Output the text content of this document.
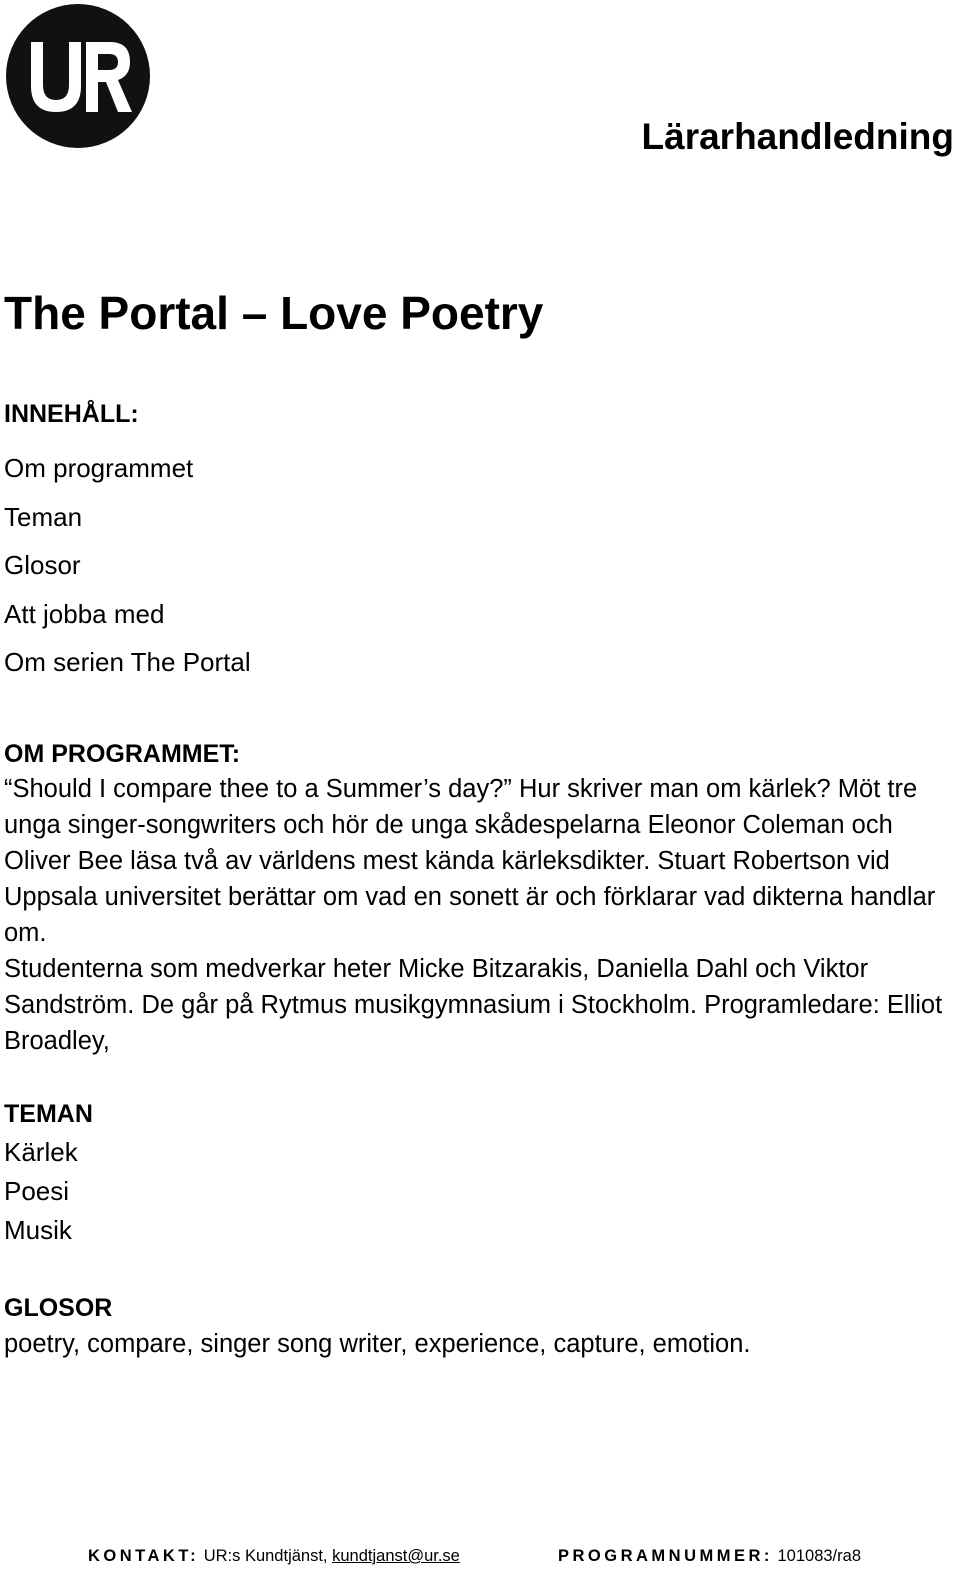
Lärarhandledning
The Portal – Love Poetry
INNEHÅLL:
Om programmet
Teman
Glosor
Att jobba med
Om serien The Portal
OM PROGRAMMET:

“Should I compare thee to a Summer’s day?” Hur skriver man om kärlek? Möt tre unga singer-songwriters och hör de unga skådespelarna Eleonor Coleman och Oliver Bee läsa två av världens mest kända kärleksdikter. Stuart Robertson vid Uppsala universitet berättar om vad en sonett är och förklarar vad dikterna handlar om.

Studenterna som medverkar heter Micke Bitzarakis, Daniella Dahl och Viktor Sandström. De går på Rytmus musikgymnasium i Stockholm. Programledare: Elliot Broadley,

TEMAN
Kärlek
Poesi
Musik
GLOSOR

poetry, compare, singer song writer, experience, capture, emotion.

KONTAKT: UR:s Kundtjänst, kundtjanst@ur.se	PROGRAMNUMMER: 101083/ra8
